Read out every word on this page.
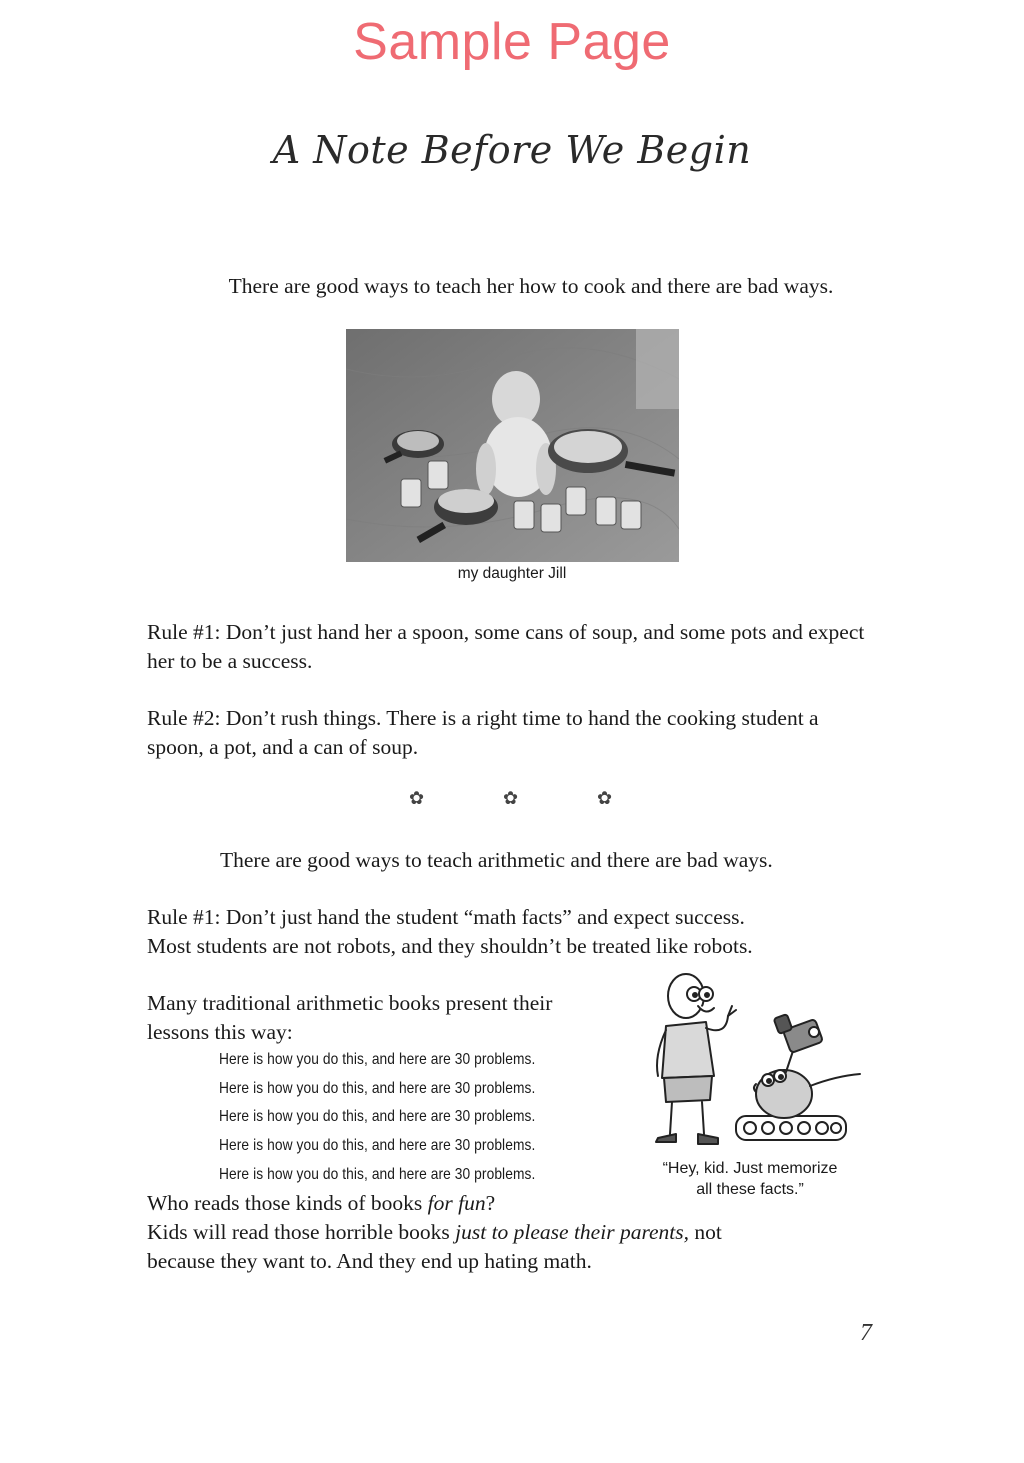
Sample Page
A Note Before We Begin
There are good ways to teach her how to cook and there are bad ways.
my daughter Jill
Rule #1: Don’t just hand her a spoon, some cans of soup, and some pots and expect her to be a success.
Rule #2: Don’t rush things. There is a right time to hand the cooking student a spoon, a pot, and a can of soup.
✿	✿	✿
There are good ways to teach arithmetic and there are bad ways.
Rule #1: Don’t just hand the student “math facts” and expect success.
Most students are not robots, and they shouldn’t be treated like robots.
Many traditional arithmetic books present their
lessons this way:
Here is how you do this, and here are 30 problems.
Here is how you do this, and here are 30 problems.
Here is how you do this, and here are 30 problems.
Here is how you do this, and here are 30 problems.
Here is how you do this, and here are 30 problems.
Who reads those kinds of books for fun?
Kids will read those horrible books just to please their parents, not
because they want to. And they end up hating math.
“Hey, kid. Just memorize
all these facts.”
7
